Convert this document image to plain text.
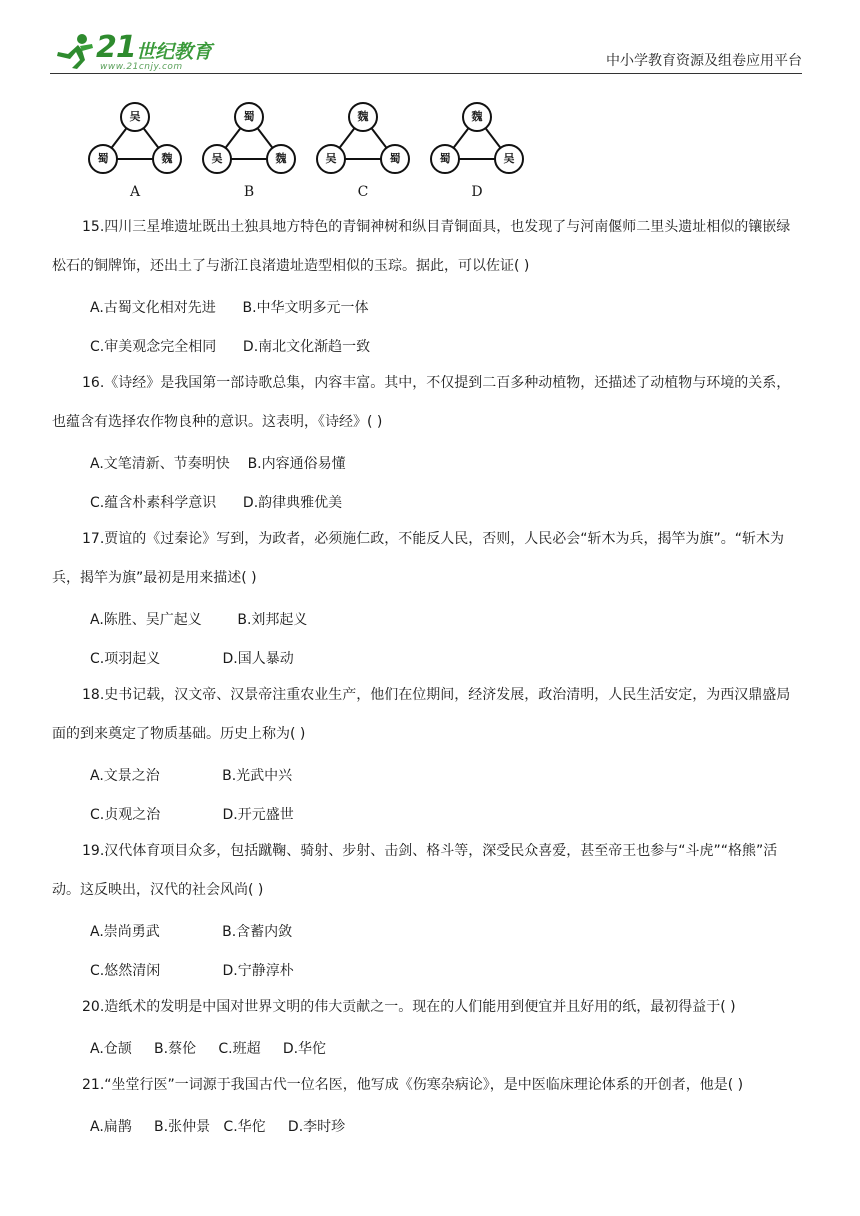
21 世纪教育
www.21cnjy.com	中小学教育资源及组卷应用平台
吴
蜀	魏
A
蜀
吴	魏
B
魏
吴	蜀
C
魏
蜀	吴
D

15.四川三星堆遗址既出土独具地方特色的青铜神树和纵目青铜面具，也发现了与河南偃师二里头遗址相似的镶嵌绿松石的铜牌饰，还出土了与浙江良渚遗址造型相似的玉琮。据此，可以佐证( )

A.古蜀文化相对先进      B.中华文明多元一体
C.审美观念完全相同      D.南北文化渐趋一致

16.《诗经》是我国第一部诗歌总集，内容丰富。其中，不仅提到二百多种动植物，还描述了动植物与环境的关系，也蕴含有选择农作物良种的意识。这表明，《诗经》( )

A.文笔清新、节奏明快    B.内容通俗易懂
C.蕴含朴素科学意识      D.韵律典雅优美

17.贾谊的《过秦论》写到，为政者，必须施仁政，不能反人民，否则，人民必会“斩木为兵，揭竿为旗”。“斩木为兵，揭竿为旗”最初是用来描述( )

A.陈胜、吴广起义        B.刘邦起义
C.项羽起义              D.国人暴动

18.史书记载，汉文帝、汉景帝注重农业生产，他们在位期间，经济发展，政治清明，人民生活安定，为西汉鼎盛局面的到来奠定了物质基础。历史上称为( )

A.文景之治              B.光武中兴
C.贞观之治              D.开元盛世

19.汉代体育项目众多，包括蹴鞠、骑射、步射、击剑、格斗等，深受民众喜爱，甚至帝王也参与“斗虎”“格熊”活动。这反映出，汉代的社会风尚( )

A.崇尚勇武              B.含蓄内敛
C.悠然清闲              D.宁静淳朴

20.造纸术的发明是中国对世界文明的伟大贡献之一。现在的人们能用到便宜并且好用的纸，最初得益于( )

A.仓颉     B.蔡伦     C.班超     D.华佗

21.“坐堂行医”一词源于我国古代一位名医，他写成《伤寒杂病论》，是中医临床理论体系的开创者，他是( )

A.扁鹊     B.张仲景   C.华佗     D.李时珍
